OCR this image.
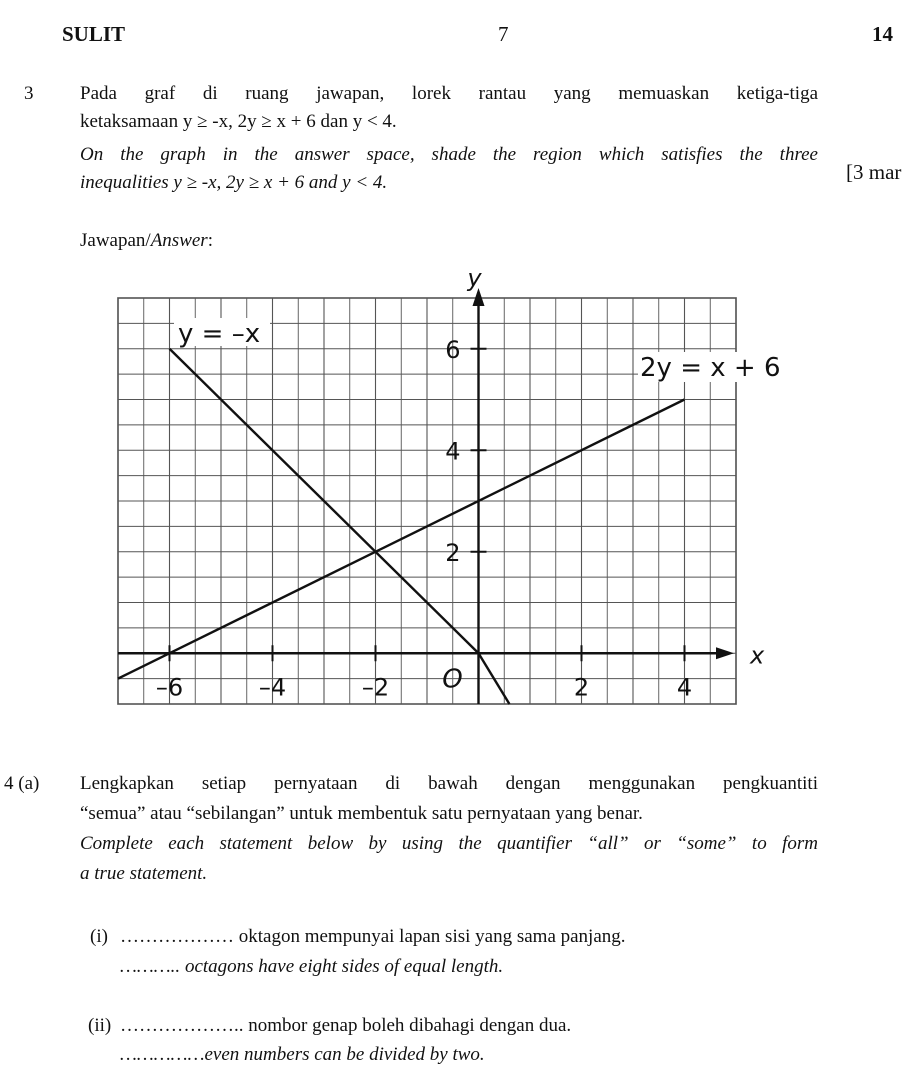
SULIT	7	14
3 Pada graf di ruang jawapan, lorek rantau yang memuaskan ketiga-tiga
ketaksamaan y ≥ -x, 2y ≥ x + 6 dan y < 4.
On the graph in the answer space, shade the region which satisfies the three
inequalities y ≥ -x, 2y ≥ x + 6 and y < 4.	[3 mar
Jawapan/Answer:
–6	–4	–2	2	4
2
4
6
y
x
O
y = –x
2y = x + 6
4 (a) Lengkapkan setiap pernyataan di bawah dengan menggunakan pengkuantiti
“semua” atau “sebilangan” untuk membentuk satu pernyataan yang benar.
Complete each statement below by using the quantifier “all” or “some” to form
a true statement.
(i) ……………… oktagon mempunyai lapan sisi yang sama panjang.
……….. octagons have eight sides of equal length.
(ii) ……………….. nombor genap boleh dibahagi dengan dua.
……………even numbers can be divided by two.
